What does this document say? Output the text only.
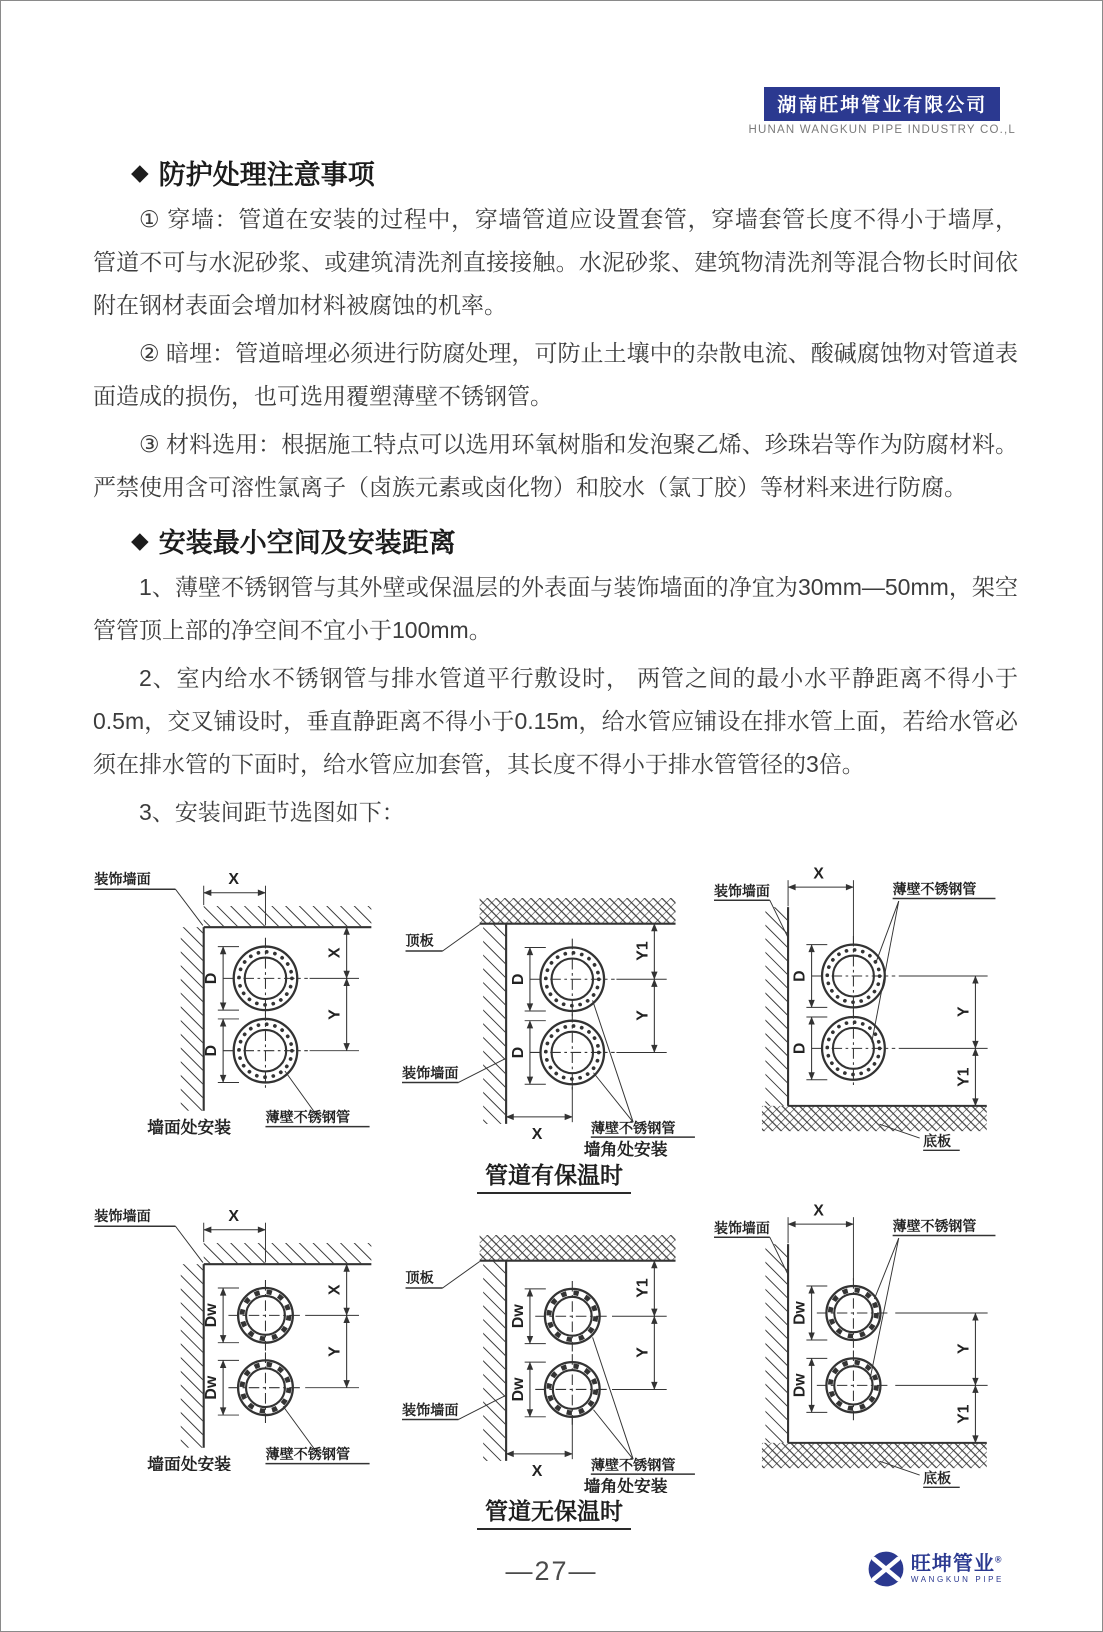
湖南旺坤管业有限公司
HUNAN WANGKUN PIPE INDUSTRY CO.,L
◆ 防护处理注意事项

① 穿墙：管道在安装的过程中，穿墙管道应设置套管，穿墙套管长度不得小于墙厚， 管道不可与水泥砂浆、或建筑清洗剂直接接触。水泥砂浆、建筑物清洗剂等混合物长时间依附在钢材表面会增加材料被腐蚀的机率。

② 暗埋：管道暗埋必须进行防腐处理，可防止土壤中的杂散电流、酸碱腐蚀物对管道表面造成的损伤，也可选用覆塑薄壁不锈钢管。

③ 材料选用：根据施工特点可以选用环氧树脂和发泡聚乙烯、珍珠岩等作为防腐材料。严禁使用含可溶性氯离子（卤族元素或卤化物）和胶水（氯丁胶）等材料来进行防腐。

◆ 安装最小空间及安装距离

1、薄壁不锈钢管与其外壁或保温层的外表面与装饰墙面的净宜为30mm—50mm，架空管管顶上部的净空间不宜小于100mm。

2、室内给水不锈钢管与排水管道平行敷设时， 两管之间的最小水平静距离不得小于0.5m，交叉铺设时，垂直静距离不得小于0.15m，给水管应铺设在排水管上面，若给水管必须在排水管的下面时，给水管应加套管，其长度不得小于排水管管径的3倍。

3、安装间距节选图如下：

装饰墙面	X
D
D
X
Y
薄壁不锈钢管
墙面处安装
顶板
D
D
Y1
Y
X
装饰墙面
薄壁不锈钢管
墙角处安装
装饰墙面
X
薄壁不锈钢管
D
D
Y
Y1
底板
管道有保温时
装饰墙面	X
Dw
Dw
X
Y
薄壁不锈钢管
墙面处安装
顶板
Dw
Dw
Y1
Y
X
装饰墙面
薄壁不锈钢管
墙角处安装
装饰墙面
X
薄壁不锈钢管
Dw
Dw
Y
Y1
底板
管道无保温时
—27—	旺坤管业®
WANGKUN PIPE
